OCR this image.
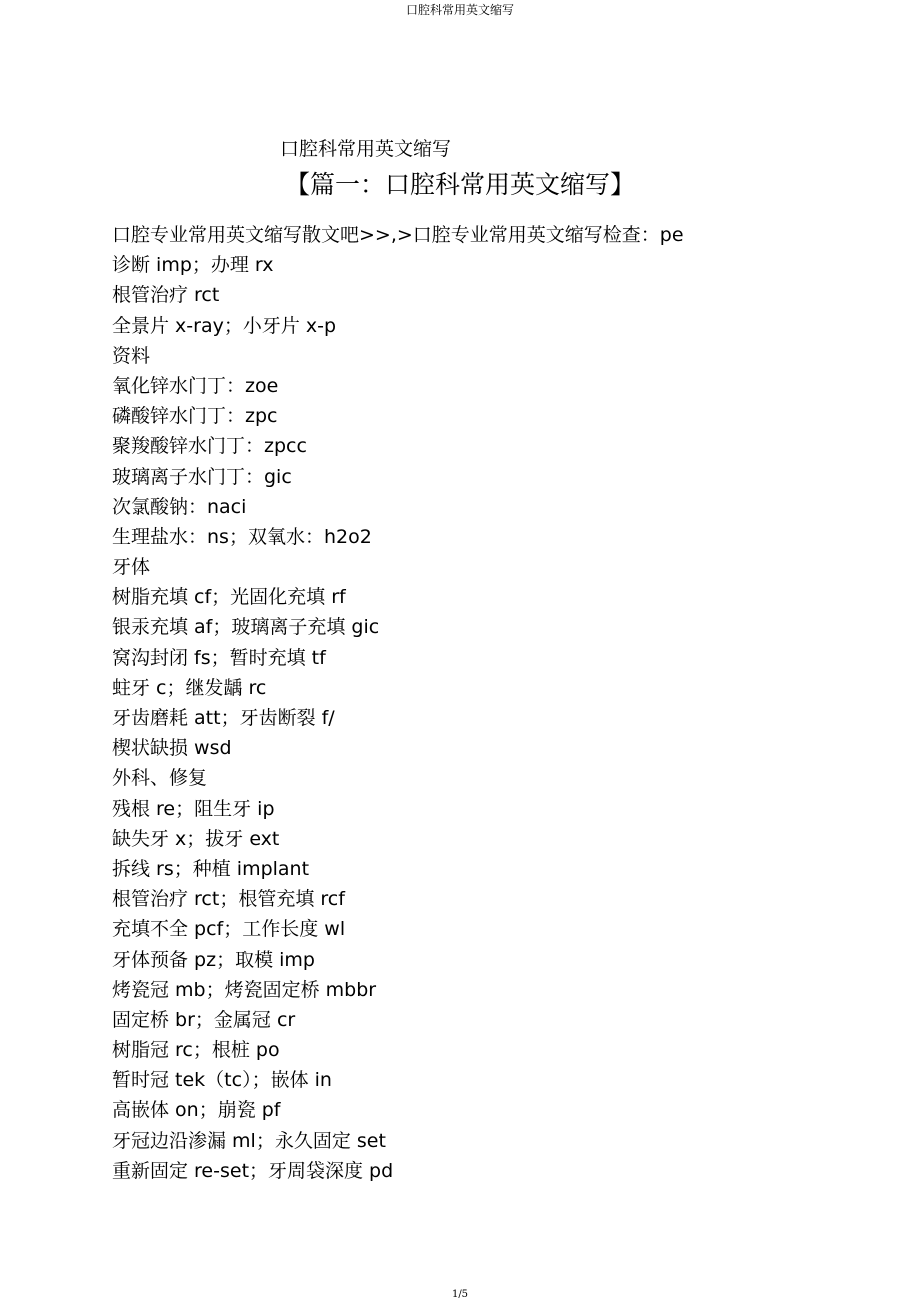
口腔科常用英文缩写
口腔科常用英文缩写
【篇一：口腔科常用英文缩写】
口腔专业常用英文缩写散文吧>>,>口腔专业常用英文缩写检查：pe
诊断 imp；办理 rx
根管治疗 rct
全景片 x-ray；小牙片 x-p
资料
氧化锌水门丁：zoe
磷酸锌水门丁：zpc
聚羧酸锌水门丁：zpcc
玻璃离子水门丁：gic
次氯酸钠：naci
生理盐水：ns；双氧水：h2o2
牙体
树脂充填 cf；光固化充填 rf
银汞充填 af；玻璃离子充填 gic
窝沟封闭 fs；暂时充填 tf
蛀牙 c；继发龋 rc
牙齿磨耗 att；牙齿断裂 f/
楔状缺损 wsd
外科、修复
残根 re；阻生牙 ip
缺失牙 x；拔牙 ext
拆线 rs；种植 implant
根管治疗 rct；根管充填 rcf
充填不全 pcf；工作长度 wl
牙体预备 pz；取模 imp
烤瓷冠 mb；烤瓷固定桥 mbbr
固定桥 br；金属冠 cr
树脂冠 rc；根桩 po
暂时冠 tek（tc）；嵌体 in
高嵌体 on；崩瓷 pf
牙冠边沿渗漏 ml；永久固定 set
重新固定 re-set；牙周袋深度 pd
1/5
